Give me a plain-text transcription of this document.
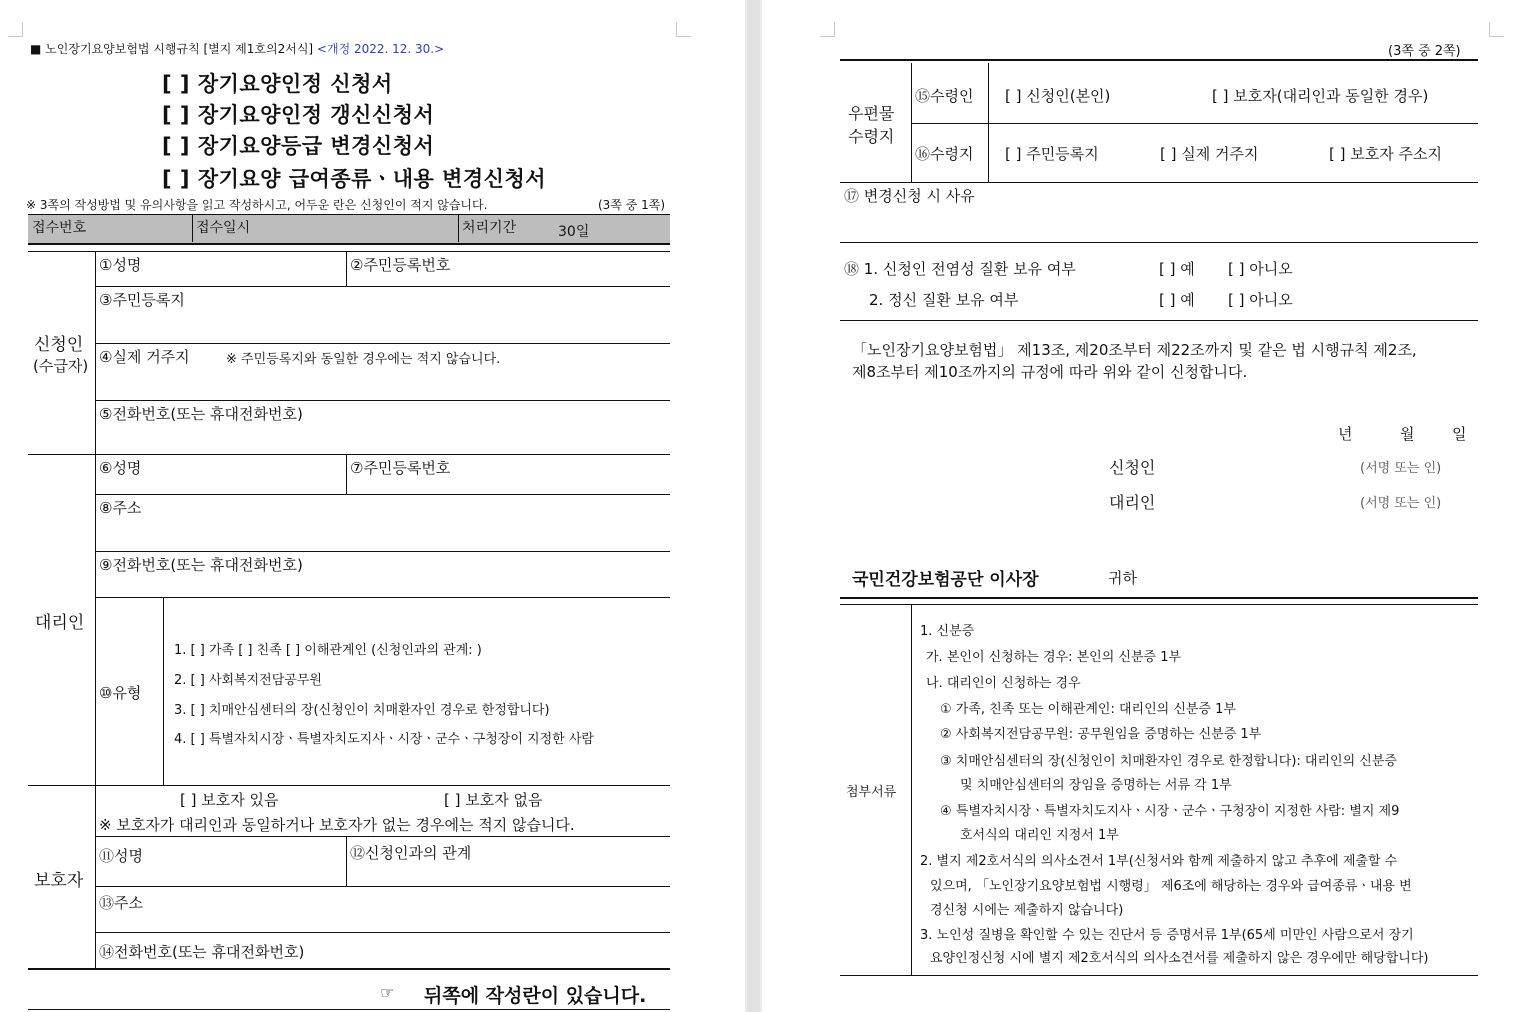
■ 노인장기요양보험법 시행규칙 [별지 제1호의2서식] <개정 2022. 12. 30.>
[ ] 장기요양인정 신청서
[ ] 장기요양인정 갱신신청서
[ ] 장기요양등급 변경신청서
[ ] 장기요양 급여종류ㆍ내용 변경신청서
※ 3쪽의 작성방법 및 유의사항을 읽고 작성하시고, 어두운 란은 신청인이 적지 않습니다.	(3쪽 중 1쪽)
접수번호	접수일시	처리기간	30일
신청인
(수급자)
①성명	②주민등록번호
③주민등록지
④실제 거주지	※ 주민등록지와 동일한 경우에는 적지 않습니다.
⑤전화번호(또는 휴대전화번호)
대리인
⑥성명	⑦주민등록번호
⑧주소
⑨전화번호(또는 휴대전화번호)
⑩유형
1. [ ] 가족 [ ] 친족 [ ] 이해관계인 (신청인과의 관계: )
2. [ ] 사회복지전담공무원
3. [ ] 치매안심센터의 장(신청인이 치매환자인 경우로 한정합니다)
4. [ ] 특별자치시장ㆍ특별자치도지사ㆍ시장ㆍ군수ㆍ구청장이 지정한 사람
보호자
[ ] 보호자 있음	[ ] 보호자 없음
※ 보호자가 대리인과 동일하거나 보호자가 없는 경우에는 적지 않습니다.
⑪성명	⑫신청인과의 관계
⑬주소
⑭전화번호(또는 휴대전화번호)
☞ 뒤쪽에 작성란이 있습니다.
(3쪽 중 2쪽)
우편물
수령지
⑮수령인 [ ] 신청인(본인)	[ ] 보호자(대리인과 동일한 경우)
⑯수령지 [ ] 주민등록지	[ ] 실제 거주지	[ ] 보호자 주소지
⑰ 변경신청 시 사유
⑱ 1. 신청인 전염성 질환 보유 여부	[ ] 예 [ ] 아니오
2. 정신 질환 보유 여부	[ ] 예 [ ] 아니오
「노인장기요양보험법」 제13조, 제20조부터 제22조까지 및 같은 법 시행규칙 제2조,
제8조부터 제10조까지의 규정에 따라 위와 같이 신청합니다.
년	월	일
신청인	(서명 또는 인)
대리인	(서명 또는 인)
국민건강보험공단 이사장	귀하
첨부서류
1. 신분증
가. 본인이 신청하는 경우: 본인의 신분증 1부
나. 대리인이 신청하는 경우
① 가족, 친족 또는 이해관계인: 대리인의 신분증 1부
② 사회복지전담공무원: 공무원임을 증명하는 신분증 1부
③ 치매안심센터의 장(신청인이 치매환자인 경우로 한정합니다): 대리인의 신분증
및 치매안심센터의 장임을 증명하는 서류 각 1부
④ 특별자치시장ㆍ특별자치도지사ㆍ시장ㆍ군수ㆍ구청장이 지정한 사람: 별지 제9
호서식의 대리인 지정서 1부
2. 별지 제2호서식의 의사소견서 1부(신청서와 함께 제출하지 않고 추후에 제출할 수
있으며, 「노인장기요양보험법 시행령」 제6조에 해당하는 경우와 급여종류ㆍ내용 변
경신청 시에는 제출하지 않습니다)
3. 노인성 질병을 확인할 수 있는 진단서 등 증명서류 1부(65세 미만인 사람으로서 장기
요양인정신청 시에 별지 제2호서식의 의사소견서를 제출하지 않은 경우에만 해당합니다)
